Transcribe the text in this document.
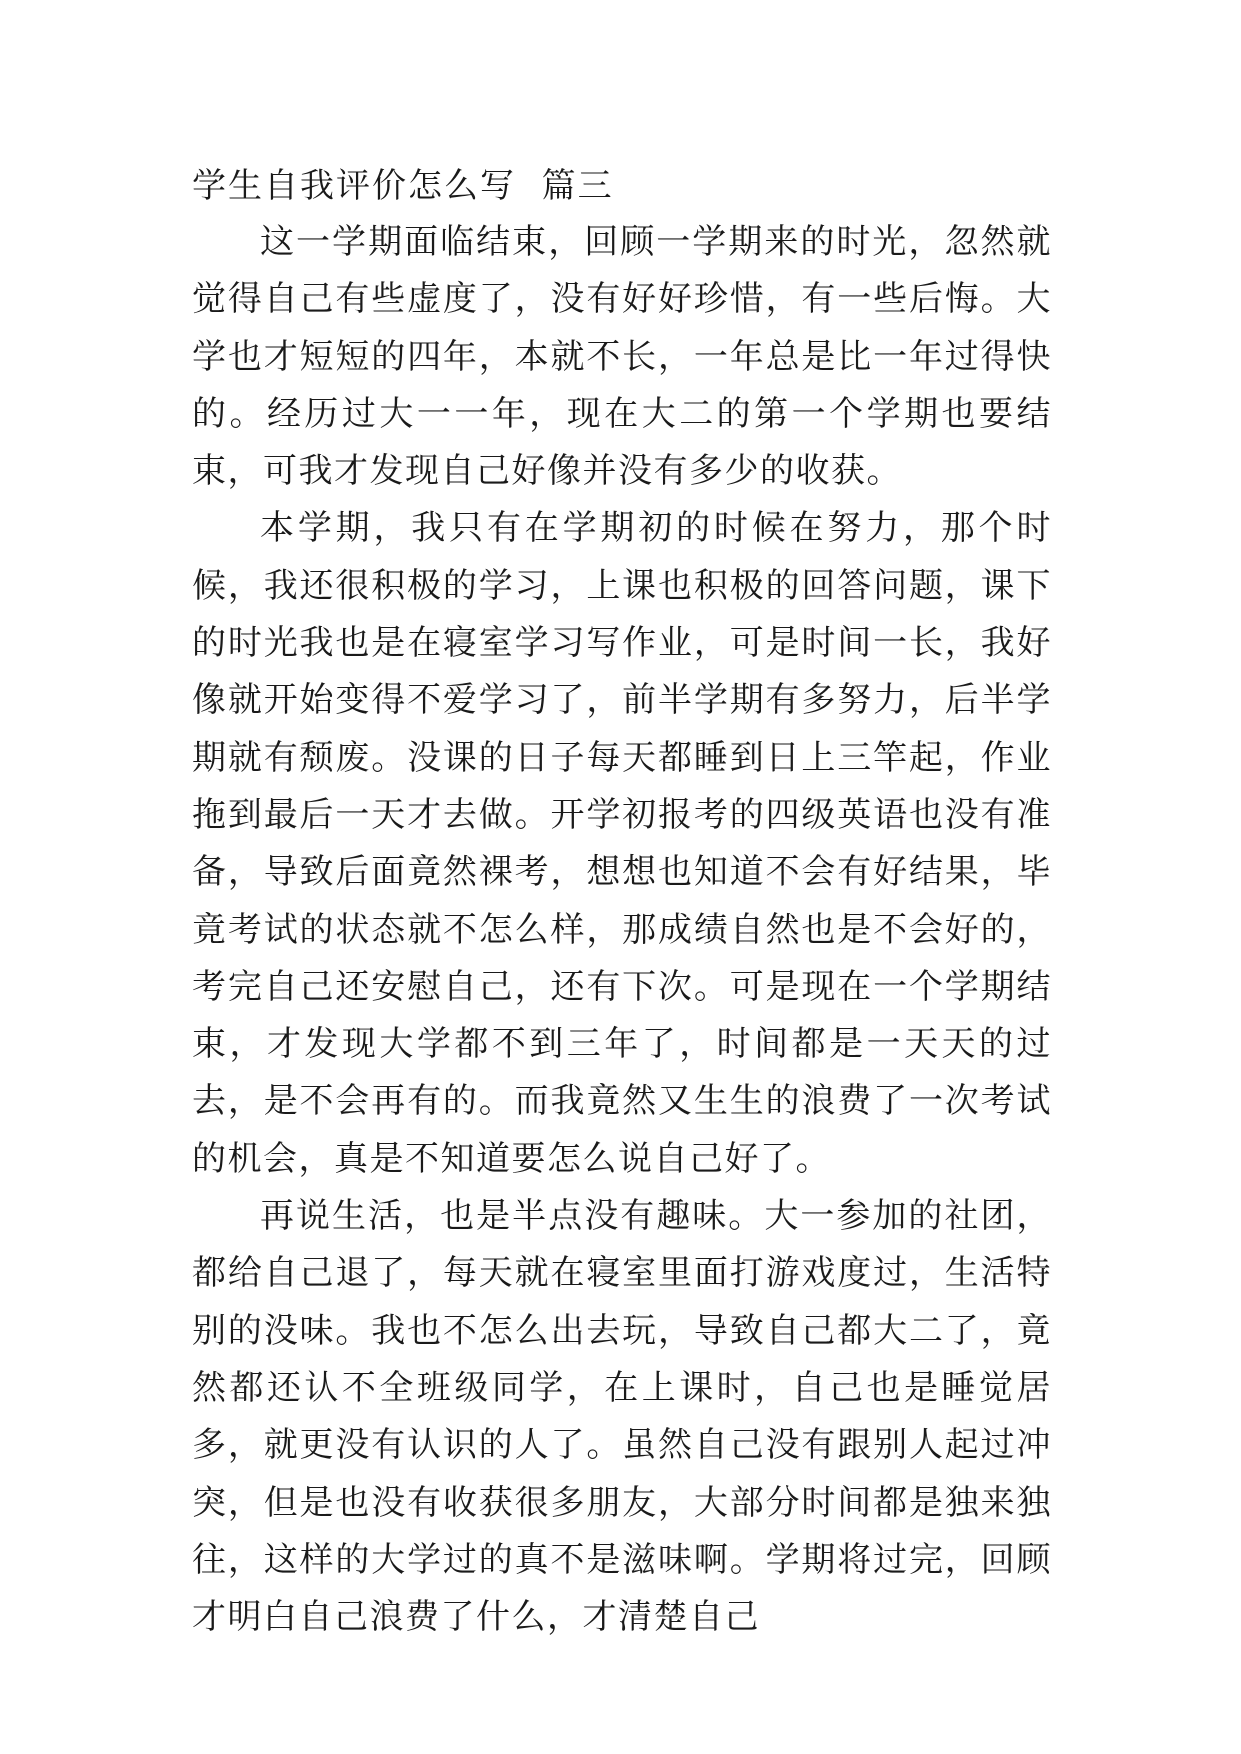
学生自我评价怎么写  篇三

这一学期面临结束，回顾一学期来的时光，忽然就觉得自己有些虚度了，没有好好珍惜，有一些后悔。大学也才短短的四年，本就不长，一年总是比一年过得快的。经历过大一一年，现在大二的第一个学期也要结束，可我才发现自己好像并没有多少的收获。

本学期，我只有在学期初的时候在努力，那个时候，我还很积极的学习，上课也积极的回答问题，课下的时光我也是在寝室学习写作业，可是时间一长，我好像就开始变得不爱学习了，前半学期有多努力，后半学期就有颓废。没课的日子每天都睡到日上三竿起，作业拖到最后一天才去做。开学初报考的四级英语也没有准备，导致后面竟然裸考，想想也知道不会有好结果，毕竟考试的状态就不怎么样，那成绩自然也是不会好的，考完自己还安慰自己，还有下次。可是现在一个学期结束，才发现大学都不到三年了，时间都是一天天的过去，是不会再有的。而我竟然又生生的浪费了一次考试的机会，真是不知道要怎么说自己好了。

再说生活，也是半点没有趣味。大一参加的社团，都给自己退了，每天就在寝室里面打游戏度过，生活特别的没味。我也不怎么出去玩，导致自己都大二了，竟然都还认不全班级同学，在上课时，自己也是睡觉居多，就更没有认识的人了。虽然自己没有跟别人起过冲突，但是也没有收获很多朋友，大部分时间都是独来独往，这样的大学过的真不是滋味啊。学期将过完，回顾才明白自己浪费了什么，才清楚自己
